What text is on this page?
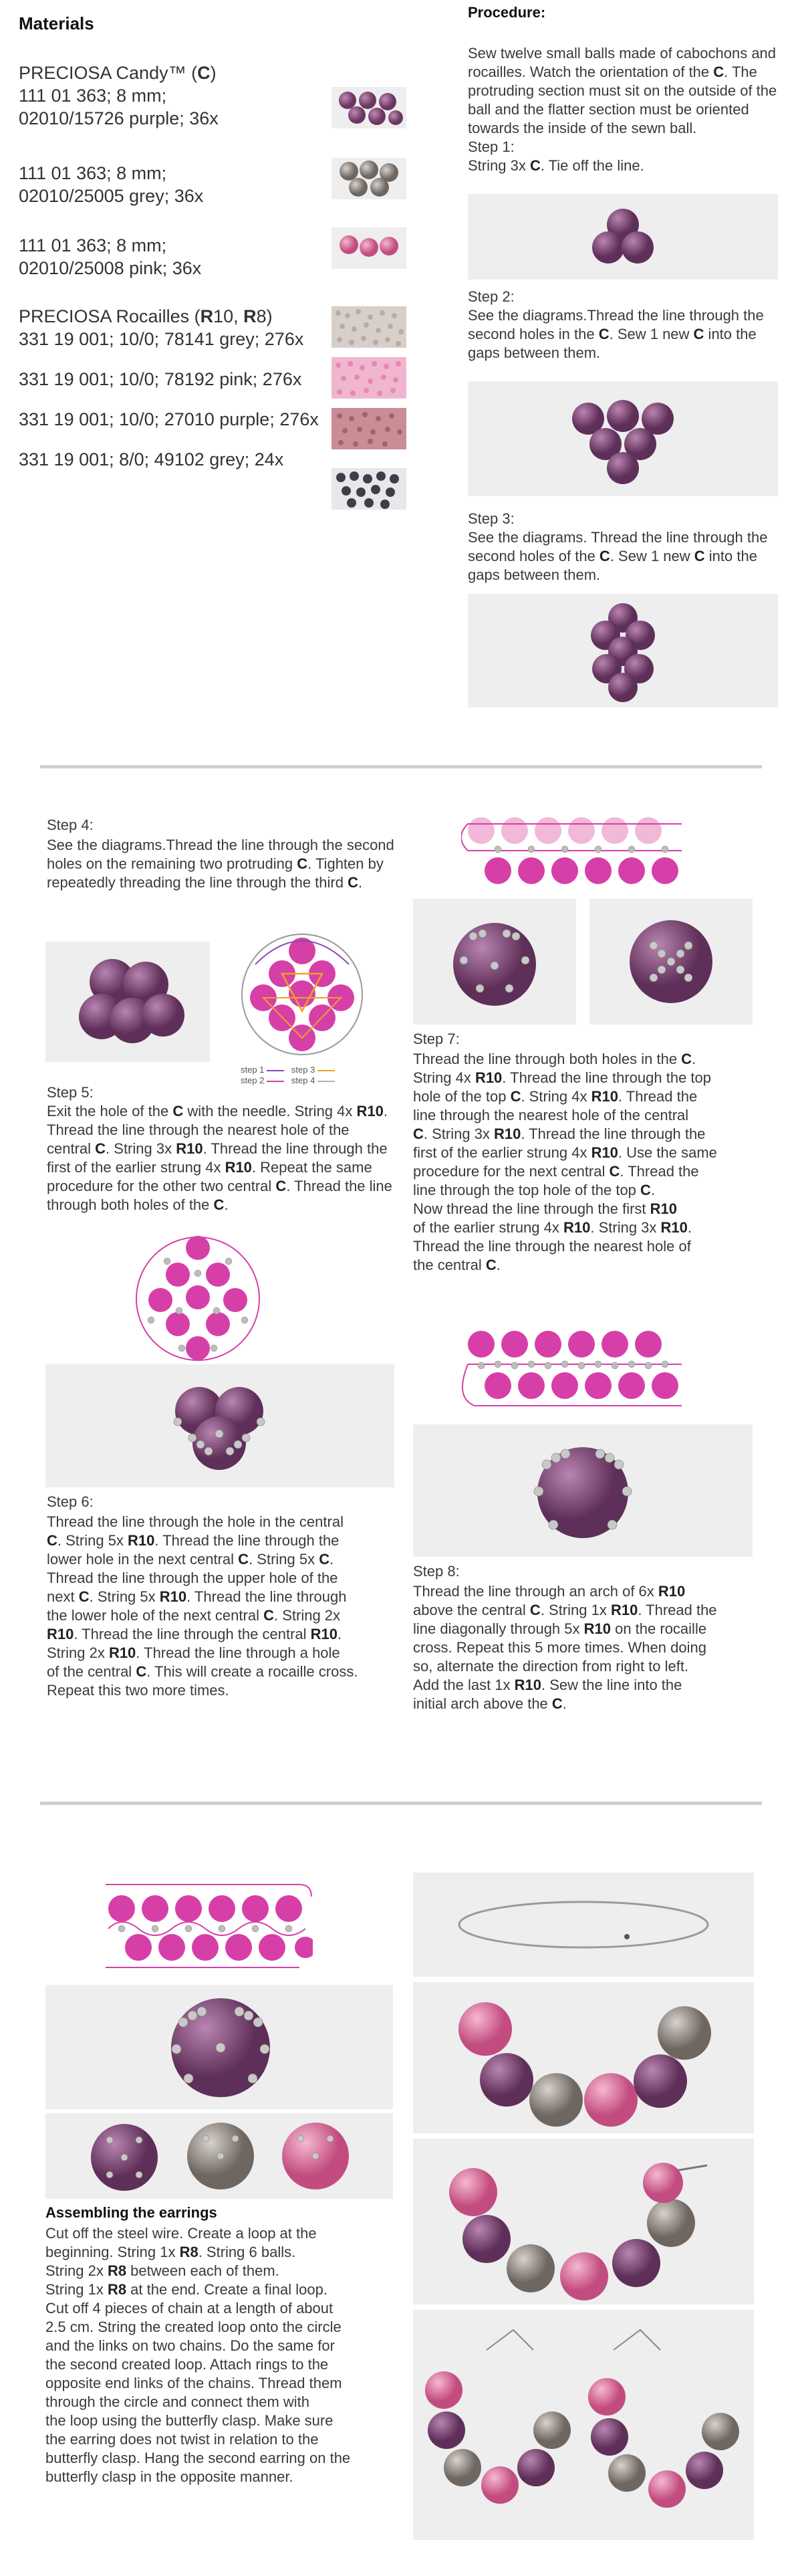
Materials
PRECIOSA Candy™ (C)
111 01 363; 8 mm;
02010/15726 purple; 36x
111 01 363; 8 mm;
02010/25005 grey; 36x
111 01 363; 8 mm;
02010/25008 pink; 36x
PRECIOSA Rocailles (R10, R8)
331 19 001; 10/0; 78141 grey; 276x
331 19 001; 10/0; 78192 pink; 276x
331 19 001; 10/0; 27010 purple; 276x
331 19 001; 8/0; 49102 grey; 24x
Procedure:

Sew twelve small balls made of cabochons and rocailles. Watch the orientation of the C. The protruding section must sit on the outside of the ball and the flatter section must be oriented towards the inside of the sewn ball.

Step 1:
String 3x C. Tie off the line.
Step 2:

See the diagrams.Thread the line through the second holes in the C. Sew 1 new C into the gaps between them.

Step 3:

See the diagrams. Thread the line through the second holes of the C. Sew 1 new C into the gaps between them.

Step 4:

See the diagrams.Thread the line through the second holes on the remaining two protruding C. Tighten by repeatedly threading the line through the third C.

step 1	step 3
step 2	step 4
Step 5:

Exit the hole of the C with the needle. String 4x R10. Thread the line through the nearest hole of the central C. String 3x R10. Thread the line through the first of the earlier strung 4x R10. Repeat the same procedure for the other two central C. Thread the line through both holes of the C.

Step 6:
Thread the line through the hole in the central
C. String 5x R10. Thread the line through the
lower hole in the next central C. String 5x C.
Thread the line through the upper hole of the
next C. String 5x R10. Thread the line through
the lower hole of the next central C. String 2x
R10. Thread the line through the central R10.
String 2x R10. Thread the line through a hole
of the central C. This will create a rocaille cross.
Repeat this two more times.
Step 7:
Thread the line through both holes in the C.
String 4x R10. Thread the line through the top
hole of the top C. String 4x R10. Thread the
line through the nearest hole of the central
C. String 3x R10. Thread the line through the
first of the earlier strung 4x R10. Use the same
procedure for the next central C. Thread the
line through the top hole of the top C.
Now thread the line through the first R10
of the earlier strung 4x R10. String 3x R10.
Thread the line through the nearest hole of
the central C.
Step 8:
Thread the line through an arch of 6x R10
above the central C. String 1x R10. Thread the
line diagonally through 5x R10 on the rocaille
cross. Repeat this 5 more times. When doing
so, alternate the direction from right to left.
Add the last 1x R10. Sew the line into the
initial arch above the C.
Assembling the earrings
Cut off the steel wire. Create a loop at the
beginning. String 1x R8. String 6 balls.
String 2x R8 between each of them.
String 1x R8 at the end. Create a final loop.
Cut off 4 pieces of chain at a length of about
2.5 cm. String the created loop onto the circle
and the links on two chains. Do the same for
the second created loop. Attach rings to the
opposite end links of the chains. Thread them
through the circle and connect them with
the loop using the butterfly clasp. Make sure
the earring does not twist in relation to the
butterfly clasp. Hang the second earring on the
butterfly clasp in the opposite manner.
